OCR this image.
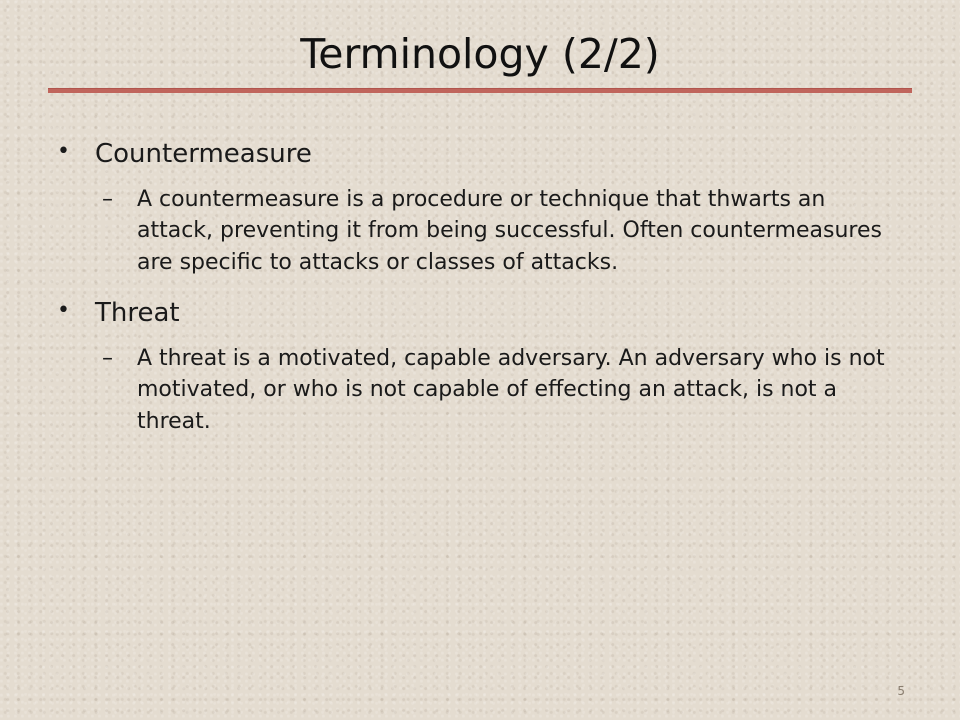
Terminology (2/2)

• Countermeasure

– A countermeasure is a procedure or technique that thwarts an attack, preventing it from being successful. Often countermeasures are specific to attacks or classes of attacks.

• Threat

– A threat is a motivated, capable adversary. An adversary who is not motivated, or who is not capable of effecting an attack, is not a threat.

5
